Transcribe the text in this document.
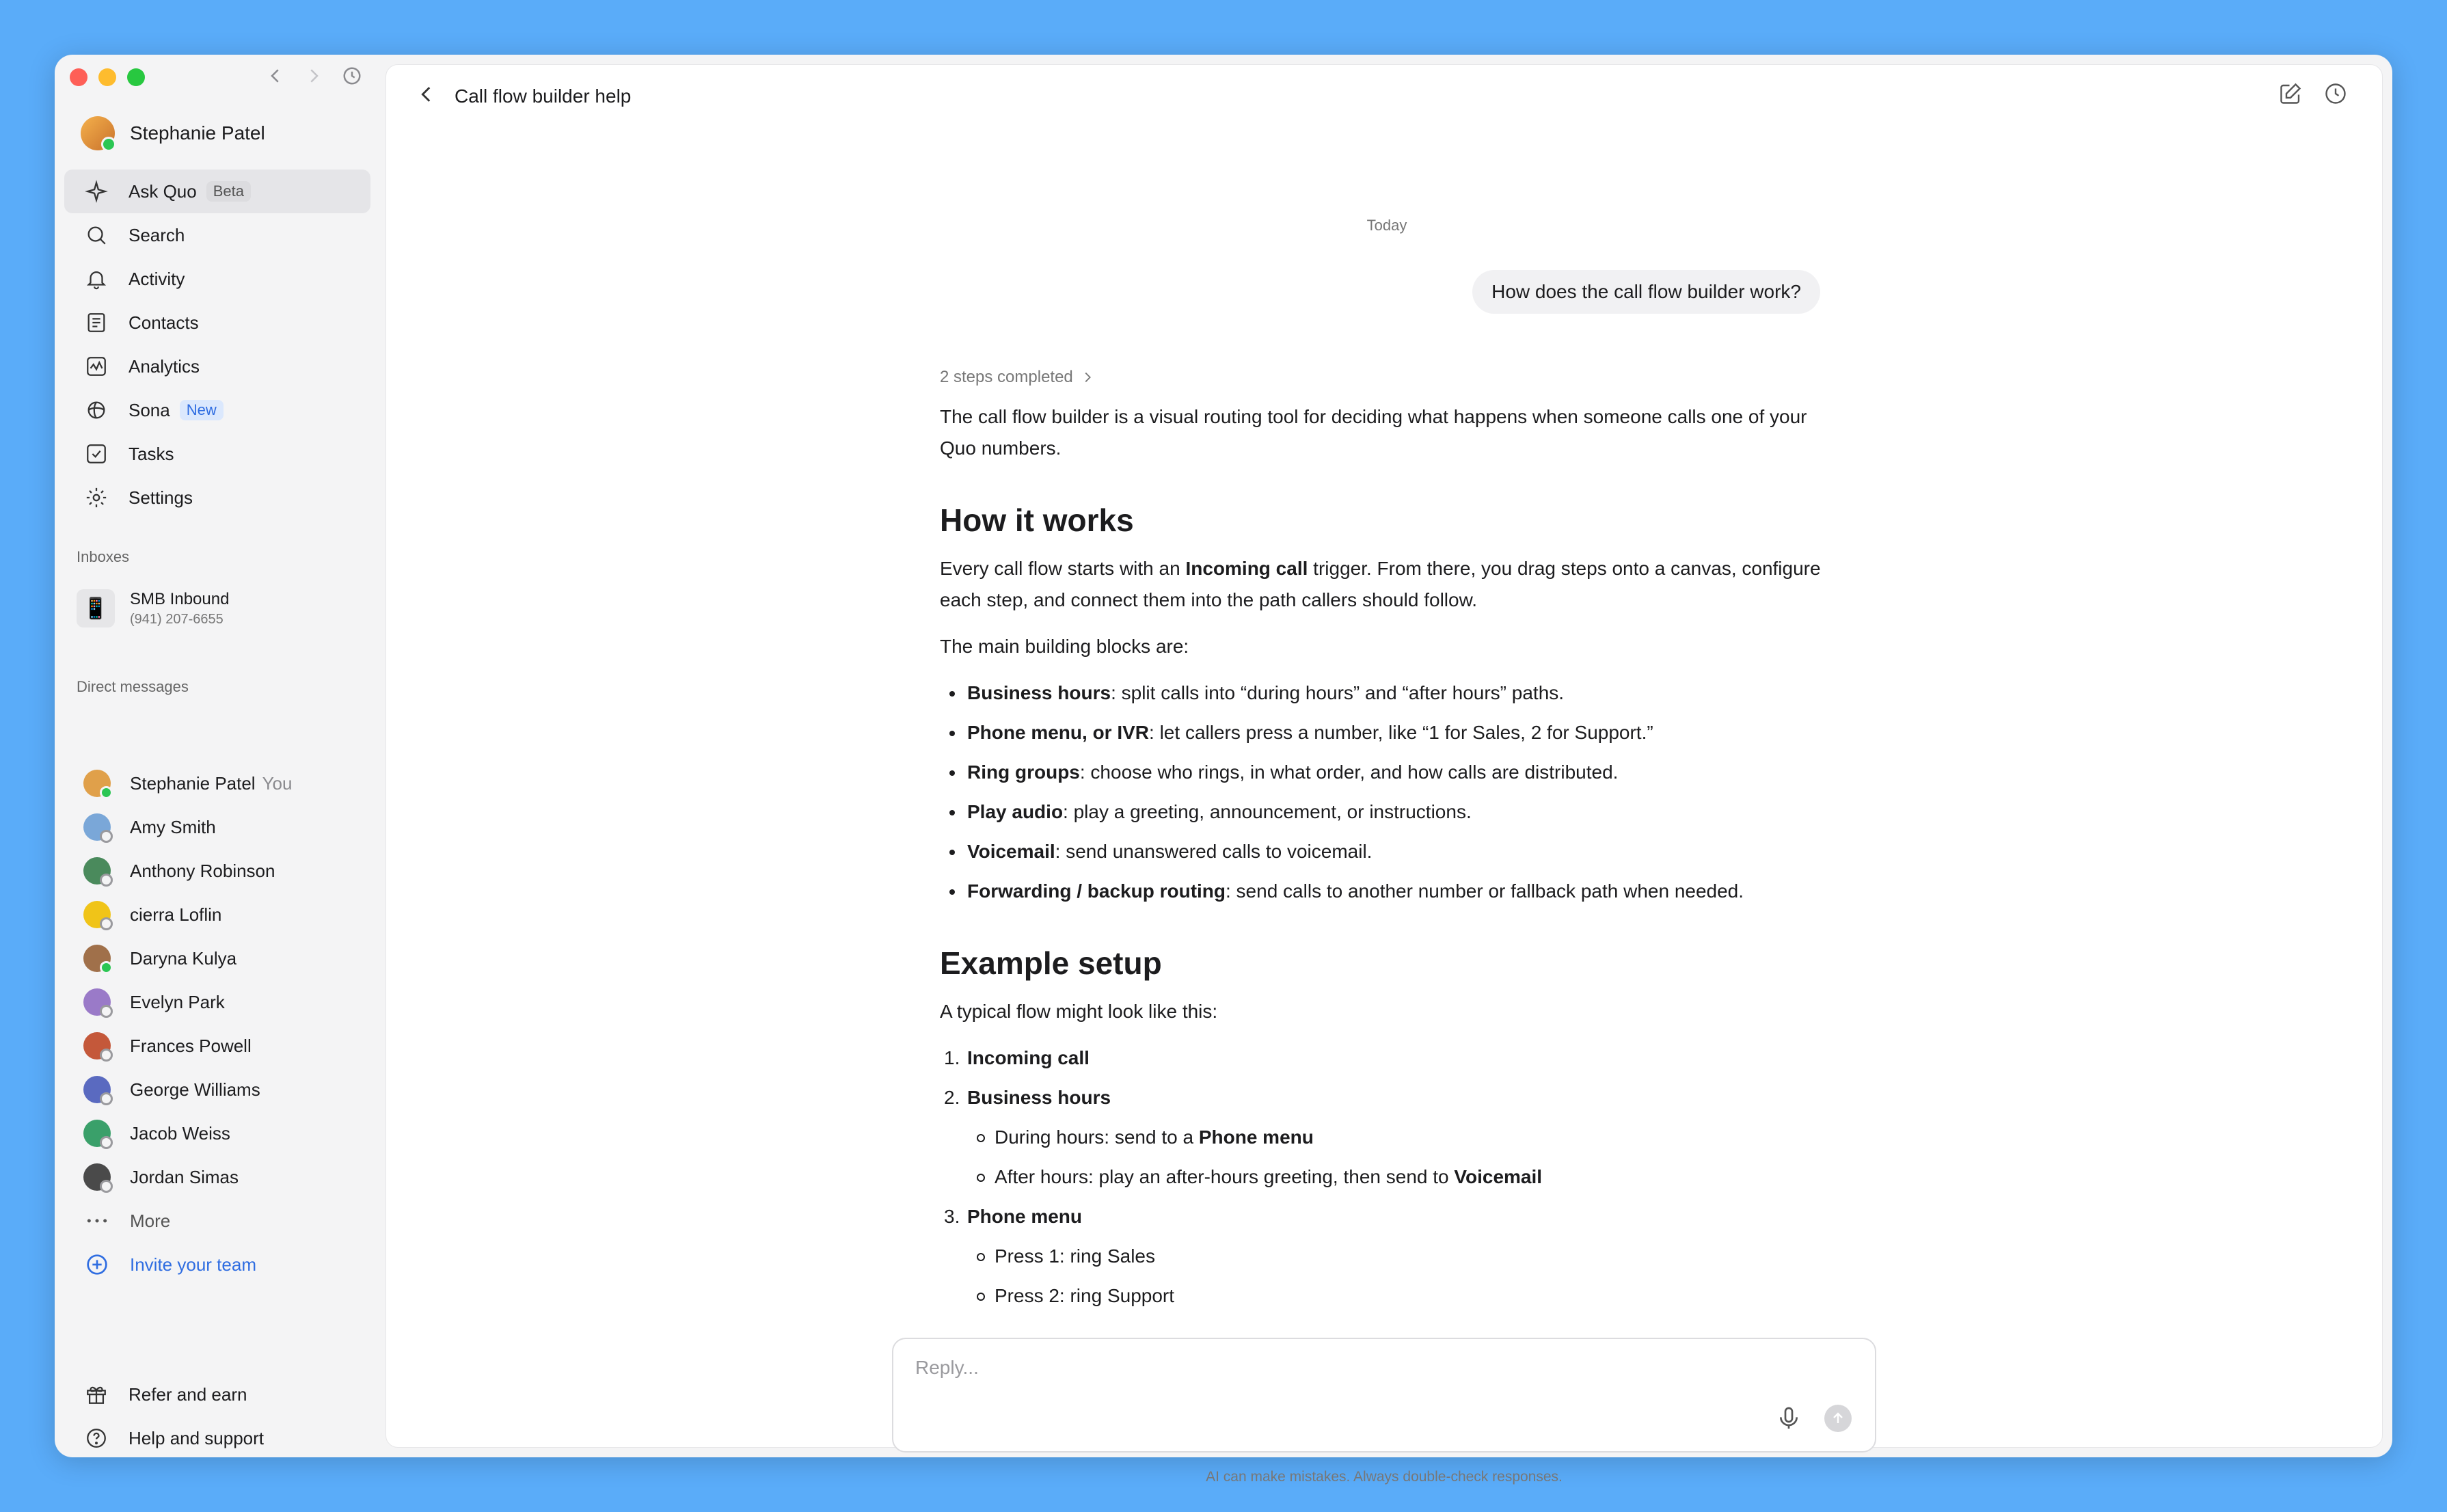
Stephanie Patel
Ask Quo	Beta
Search
Activity
Contacts
Analytics
Sona	New
Tasks
Settings
Inboxes
📱	SMB Inbound
(941) 207-6655
Direct messages
Stephanie Patel You
Amy Smith
Anthony Robinson
cierra Loflin
Daryna Kulya
Evelyn Park
Frances Powell
George Williams
Jacob Weiss
Jordan Simas
More
Invite your team
Refer and earn
Help and support
Call flow builder help
Today
How does the call flow builder work?
2 steps completed

The call flow builder is a visual routing tool for deciding what happens when someone calls one of your Quo numbers.

How it works

Every call flow starts with an Incoming call trigger. From there, you drag steps onto a canvas, configure each step, and connect them into the path callers should follow.

The main building blocks are:

Business hours: split calls into “during hours” and “after hours” paths.
Phone menu, or IVR: let callers press a number, like “1 for Sales, 2 for Support.”
Ring groups: choose who rings, in what order, and how calls are distributed.
Play audio: play a greeting, announcement, or instructions.
Voicemail: send unanswered calls to voicemail.
Forwarding / backup routing: send calls to another number or fallback path when needed.
Example setup

A typical flow might look like this:

1. Incoming call
2. Business hours
During hours: send to a Phone menu
After hours: play an after-hours greeting, then send to Voicemail
3. Phone menu
Press 1: ring Sales
Press 2: ring Support
Reply...
AI can make mistakes. Always double-check responses.
